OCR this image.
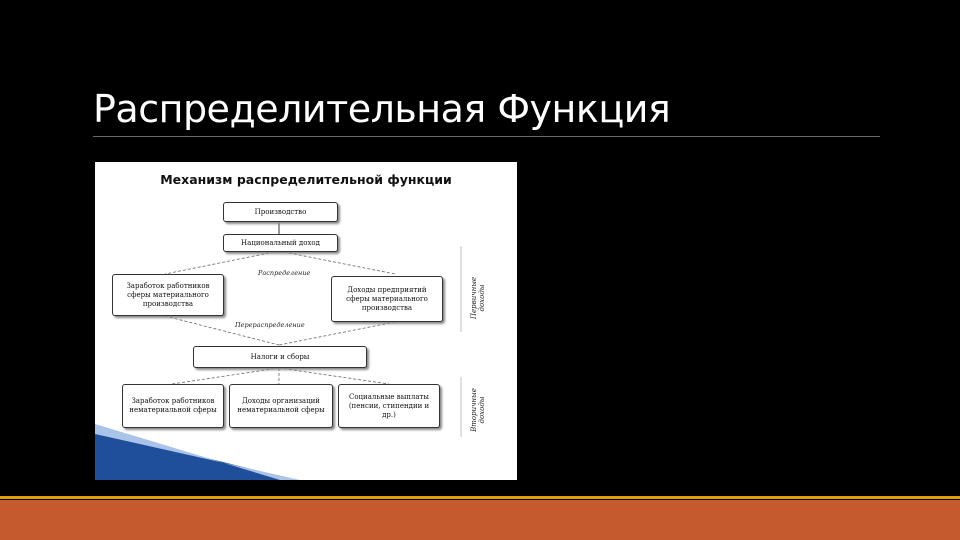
Распределительная Функция
Механизм распределительной функции
Производство
Национальный доход
Распределение
Заработок работников сферы материального производства
Доходы предприятий сферы материального производства
Перераспределение
Налоги и сборы
Заработок работников нематериальной сферы
Доходы организаций нематериальной сферы
Социальные выплаты (пенсии, стипендии и др.)
Первичные доходы
Вторичные доходы
